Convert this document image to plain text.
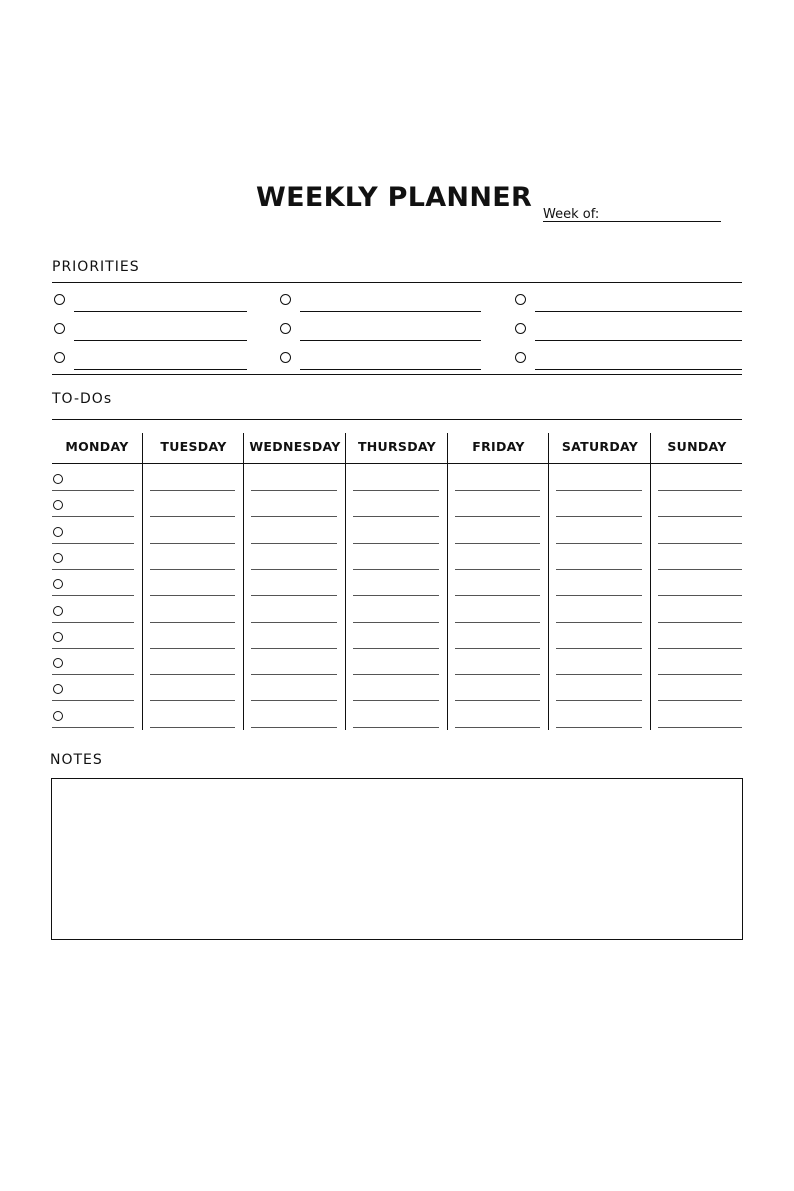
WEEKLY PLANNER
Week of:
PRIORITIES
TO-DOs
MONDAY	TUESDAY	WEDNESDAY	THURSDAY	FRIDAY	SATURDAY	SUNDAY
NOTES
